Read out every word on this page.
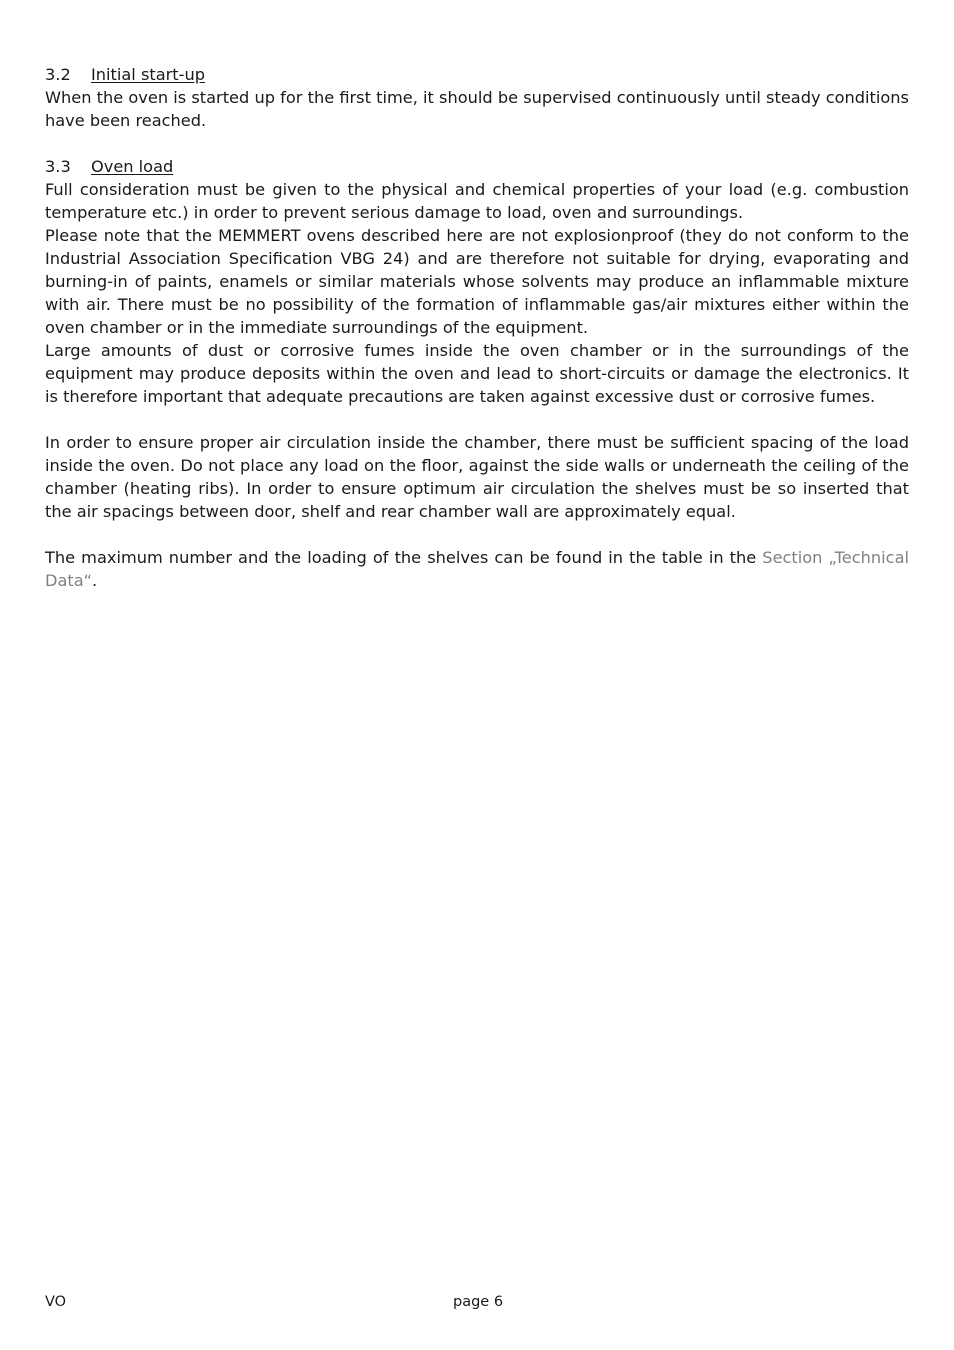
3.2 Initial start-up

When the oven is started up for the first time, it should be supervised continuously until steady conditions have been reached.

3.3 Oven load

Full consideration must be given to the physical and chemical properties of your load (e.g. combustion temperature etc.) in order to prevent serious damage to load, oven and surroundings.

Please note that the MEMMERT ovens described here are not explosionproof (they do not conform to the Industrial Association Specification VBG 24) and are therefore not suitable for drying, evaporating and burning-in of paints, enamels or similar materials whose solvents may produce an inflammable mixture with air. There must be no possibility of the formation of inflammable gas/air mixtures either within the oven chamber or in the immediate surroundings of the equipment.

Large amounts of dust or corrosive fumes inside the oven chamber or in the surroundings of the equipment may produce deposits within the oven and lead to short-circuits or damage the electronics. It is therefore important that adequate precautions are taken against excessive dust or corrosive fumes.

In order to ensure proper air circulation inside the chamber, there must be sufficient spacing of the load inside the oven. Do not place any load on the floor, against the side walls or underneath the ceiling of the chamber (heating ribs). In order to ensure optimum air circulation the shelves must be so inserted that the air spacings between door, shelf and rear chamber wall are approximately equal.

The maximum number and the loading of the shelves can be found in the table in the Section „Technical Data“.

VO	page 6
